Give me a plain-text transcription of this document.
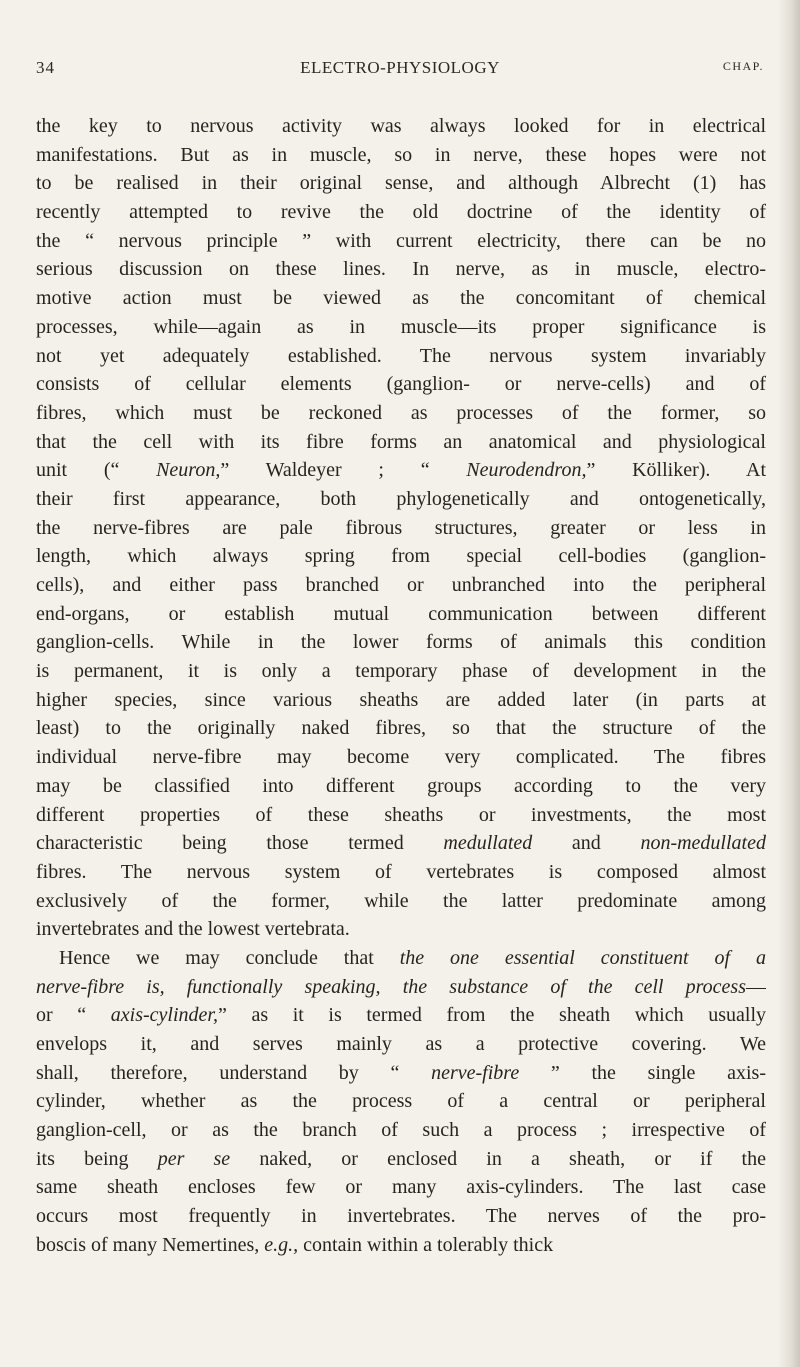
34	ELECTRO-PHYSIOLOGY	CHAP.
the key to nervous activity was always looked for in electrical
manifestations. But as in muscle, so in nerve, these hopes were not
to be realised in their original sense, and although Albrecht (1) has
recently attempted to revive the old doctrine of the identity of
the “ nervous principle ” with current electricity, there can be no
serious discussion on these lines. In nerve, as in muscle, electro-
motive action must be viewed as the concomitant of chemical
processes, while—again as in muscle—its proper significance is
not yet adequately established. The nervous system invariably
consists of cellular elements (ganglion- or nerve-cells) and of
fibres, which must be reckoned as processes of the former, so
that the cell with its fibre forms an anatomical and physiological
unit (“ Neuron,” Waldeyer ; “ Neurodendron,” Kölliker). At
their first appearance, both phylogenetically and ontogenetically,
the nerve-fibres are pale fibrous structures, greater or less in
length, which always spring from special cell-bodies (ganglion-
cells), and either pass branched or unbranched into the peripheral
end-organs, or establish mutual communication between different
ganglion-cells. While in the lower forms of animals this condition
is permanent, it is only a temporary phase of development in the
higher species, since various sheaths are added later (in parts at
least) to the originally naked fibres, so that the structure of the
individual nerve-fibre may become very complicated. The fibres
may be classified into different groups according to the very
different properties of these sheaths or investments, the most
characteristic being those termed medullated and non-medullated
fibres. The nervous system of vertebrates is composed almost
exclusively of the former, while the latter predominate among
invertebrates and the lowest vertebrata.
Hence we may conclude that the one essential constituent of a
nerve-fibre is, functionally speaking, the substance of the cell process—
or “ axis-cylinder,” as it is termed from the sheath which usually
envelops it, and serves mainly as a protective covering. We
shall, therefore, understand by “ nerve-fibre ” the single axis-
cylinder, whether as the process of a central or peripheral
ganglion-cell, or as the branch of such a process ; irrespective of
its being per se naked, or enclosed in a sheath, or if the
same sheath encloses few or many axis-cylinders. The last case
occurs most frequently in invertebrates. The nerves of the pro-
boscis of many Nemertines, e.g., contain within a tolerably thick
